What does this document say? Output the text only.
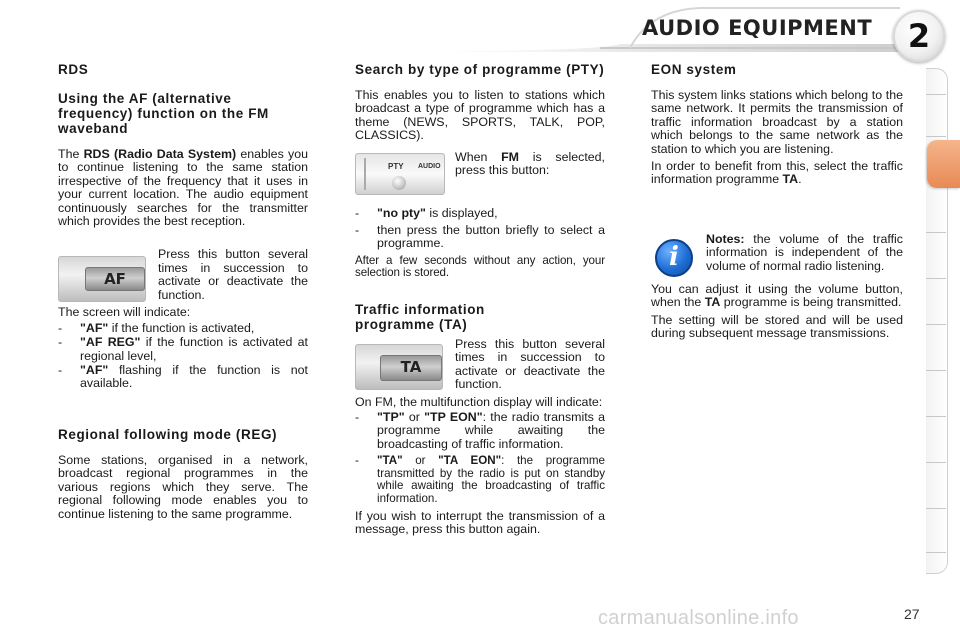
AUDIO EQUIPMENT 2
RDS
Using the AF (alternative frequency) function on the FM waveband

The RDS (Radio Data System) enables you to continue listening to the same station irrespective of the frequency that it uses in your current location. The audio equipment continuously searches for the transmitter which provides the best reception.

AF
Press this button several times in succession to activate or deactivate the function.

The screen will indicate:

-	"AF" if the function is activated,
-	"AF REG" if the function is activated at regional level,
-	"AF" flashing if the function is not available.
Regional following mode (REG)

Some stations, organised in a network, broadcast regional programmes in the various regions which they serve. The regional following mode enables you to continue listening to the same programme.

Search by type of programme (PTY)

This enables you to listen to stations which broadcast a type of programme which has a theme (NEWS, SPORTS, TALK, POP, CLASSICS).

PTY AUDIO
When FM is selected, press this button:
-	"no pty" is displayed,
-	then press the button briefly to select a programme.

After a few seconds without any action, your selection is stored.

Traffic information programme (TA)
TA
Press this button several times in succession to activate or deactivate the function.

On FM, the multifunction display will indicate:

-	"TP" or "TP EON": the radio transmits a programme while awaiting the broadcasting of traffic information.
-	"TA" or "TA EON": the programme transmitted by the radio is put on standby while awaiting the broadcasting of traffic information.

If you wish to interrupt the transmission of a message, press this button again.

EON system

This system links stations which belong to the same network. It permits the transmission of traffic information broadcast by a station which belongs to the same network as the station to which you are listening.

In order to benefit from this, select the traffic information programme TA.

i
Notes: the volume of the traffic information is independent of the volume of normal radio listening.

You can adjust it using the volume button, when the TA programme is being transmitted.

The setting will be stored and will be used during subsequent message transmissions.

carmanualsonline.info	27
